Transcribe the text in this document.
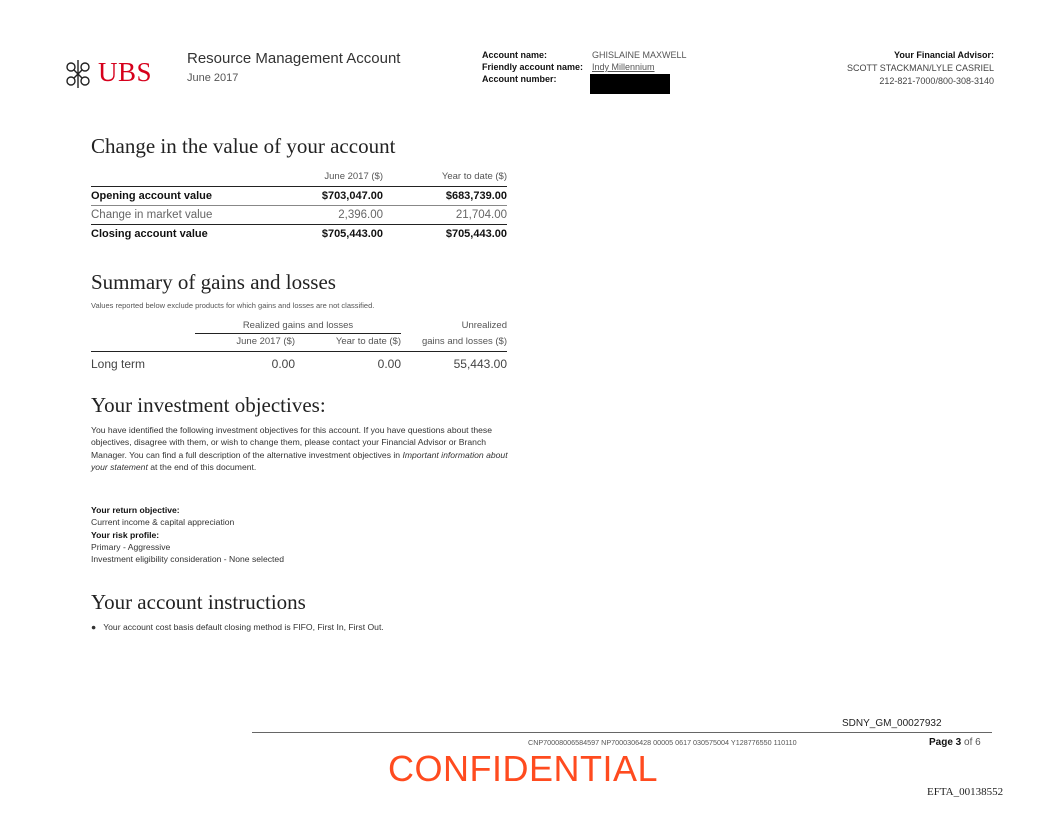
UBS Resource Management Account
June 2017
Account name:
Friendly account name:
Account number:
GHISLAINE MAXWELL
Indy Millennium
Your Financial Advisor:
SCOTT STACKMAN/LYLE CASRIEL
212-821-7000/800-308-3140
Change in the value of your account
	June 2017 ($)	Year to date ($)
Opening account value	$703,047.00	$683,739.00
Change in market value	2,396.00	21,704.00
Closing account value	$705,443.00	$705,443.00
Summary of gains and losses
Values reported below exclude products for which gains and losses are not classified.
	Realized gains and losses		Unrealized
	June 2017 ($)	Year to date ($)	gains and losses ($)
Long term	0.00	0.00	55,443.00
Your investment objectives:
You have identified the following investment objectives for this account. If you have questions about these objectives, disagree with them, or wish to change them, please contact your Financial Advisor or Branch Manager. You can find a full description of the alternative investment objectives in Important information about your statement at the end of this document.
Your return objective:
Current income & capital appreciation
Your risk profile:
Primary - Aggressive
Investment eligibility consideration - None selected
Your account instructions
● Your account cost basis default closing method is FIFO, First In, First Out.
SDNY_GM_00027932
CNP70008006584597 NP7000306428 00005 0617 030575004 Y128776550 110110	Page 3 of 6
CONFIDENTIAL
EFTA_00138552
